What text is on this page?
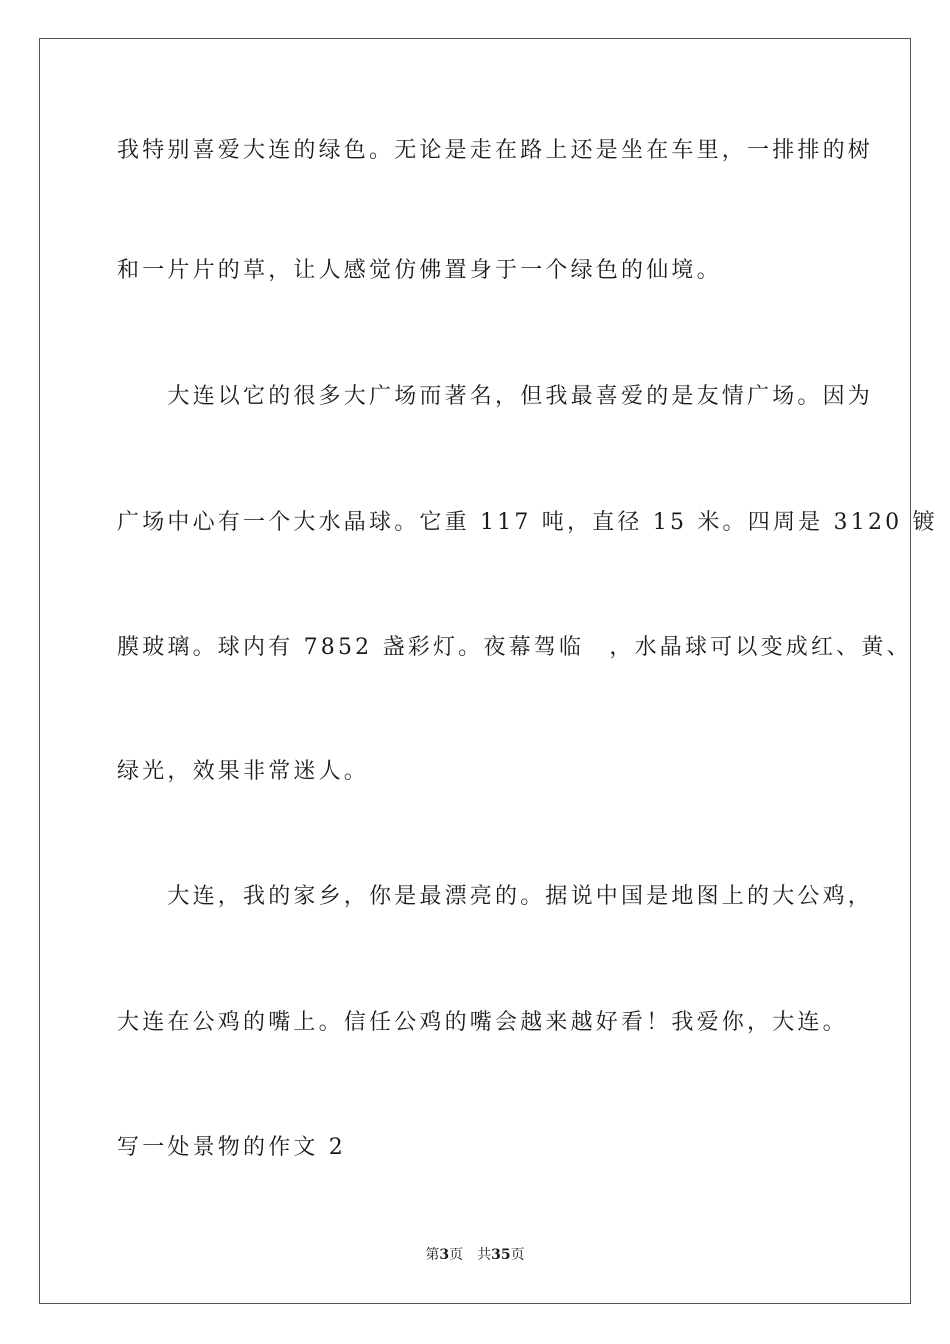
我特别喜爱大连的绿色。无论是走在路上还是坐在车里，一排排的树
和一片片的草，让人感觉仿佛置身于一个绿色的仙境。
　　大连以它的很多大广场而著名，但我最喜爱的是友情广场。因为
广场中心有一个大水晶球。它重 117 吨，直径 15 米。四周是 3120 镀
膜玻璃。球内有 7852 盏彩灯。夜幕驾临　，水晶球可以变成红、黄、
绿光，效果非常迷人。
　　大连，我的家乡，你是最漂亮的。据说中国是地图上的大公鸡，
大连在公鸡的嘴上。信任公鸡的嘴会越来越好看！我爱你，大连。
写一处景物的作文 2
第3页　共35页
